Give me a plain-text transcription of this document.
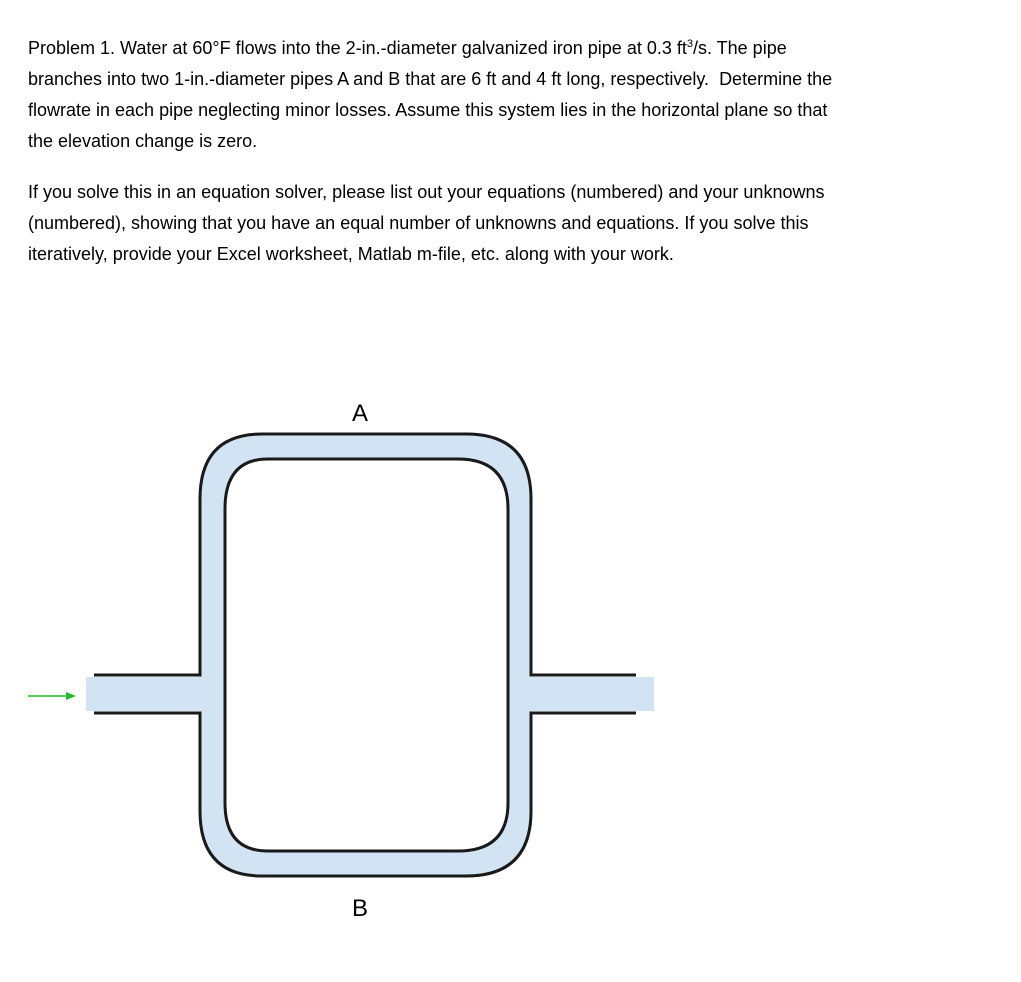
Problem 1. Water at 60°F flows into the 2-in.-diameter galvanized iron pipe at 0.3 $ft^3/s$. The pipe
branches into two 1-in.-diameter pipes A and B that are 6 ft and 4 ft long, respectively. Determine the
flowrate in each pipe neglecting minor losses. Assume this system lies in the horizontal plane so that
the elevation change is zero.
If you solve this in an equation solver, please list out your equations (numbered) and your unknowns
(numbered), showing that you have an equal number of unknowns and equations. If you solve this
iteratively, provide your Excel worksheet, Matlab m-file, etc. along with your work.
A
B
